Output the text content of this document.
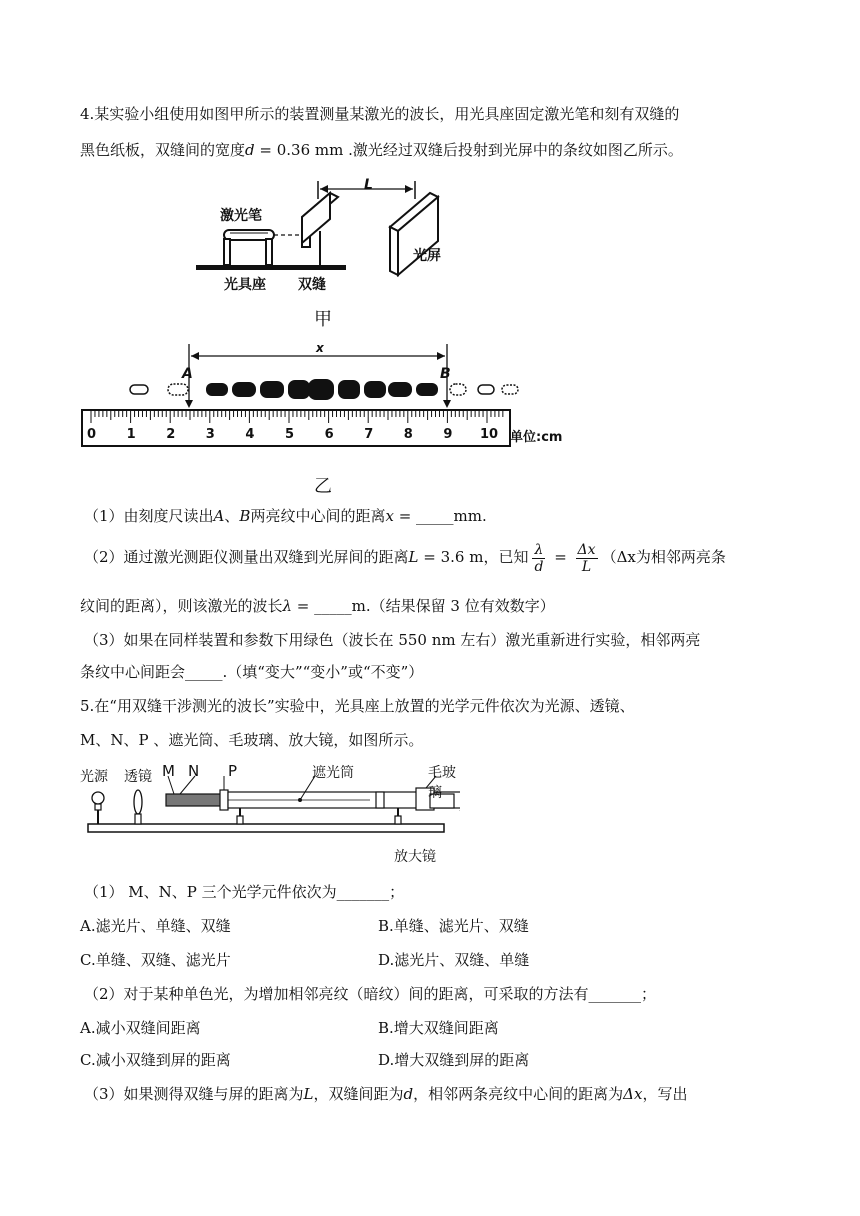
4.某实验小组使用如图甲所示的装置测量某激光的波长，用光具座固定激光笔和刻有双缝的
黑色纸板，双缝间的宽度d = 0.36 mm .激光经过双缝后投射到光屏中的条纹如图乙所示。
L
激光笔
光具座 双缝
光屏
甲
x
A	B
0 1 2 3 4 5 6 7 8 9 10 单位:cm
乙
（1）由刻度尺读出A、B两亮纹中心间的距离x = _____mm.
（2）通过激光测距仪测量出双缝到光屏间的距离L = 3.6 m，已知 $\frac{\lambda}{d} = \frac{\Delta x}{L} (\Delta x$为相邻两亮条
纹间的距离），则该激光的波长λ = _____m.（结果保留 3 位有效数字）
（3）如果在同样装置和参数下用绿色（波长在 550 nm 左右）激光重新进行实验，相邻两亮
条纹中心间距会_____.（填“变大”“变小”或“不变”）
5.在“用双缝干涉测光的波长”实验中，光具座上放置的光学元件依次为光源、透镜、
M、N、P 、遮光筒、毛玻璃、放大镜，如图所示。
光源 透镜 M N P	遮光筒	毛玻璃
放大镜
（1） M、N、P 三个光学元件依次为_______；
A.滤光片、单缝、双缝	B.单缝、滤光片、双缝
C.单缝、双缝、滤光片	D.滤光片、双缝、单缝
（2）对于某种单色光，为增加相邻亮纹（暗纹）间的距离，可采取的方法有_______；
A.减小双缝间距离	B.增大双缝间距离
C.减小双缝到屏的距离	D.增大双缝到屏的距离
（3）如果测得双缝与屏的距离为L，双缝间距为d，相邻两条亮纹中心间的距离为Δx，写出
